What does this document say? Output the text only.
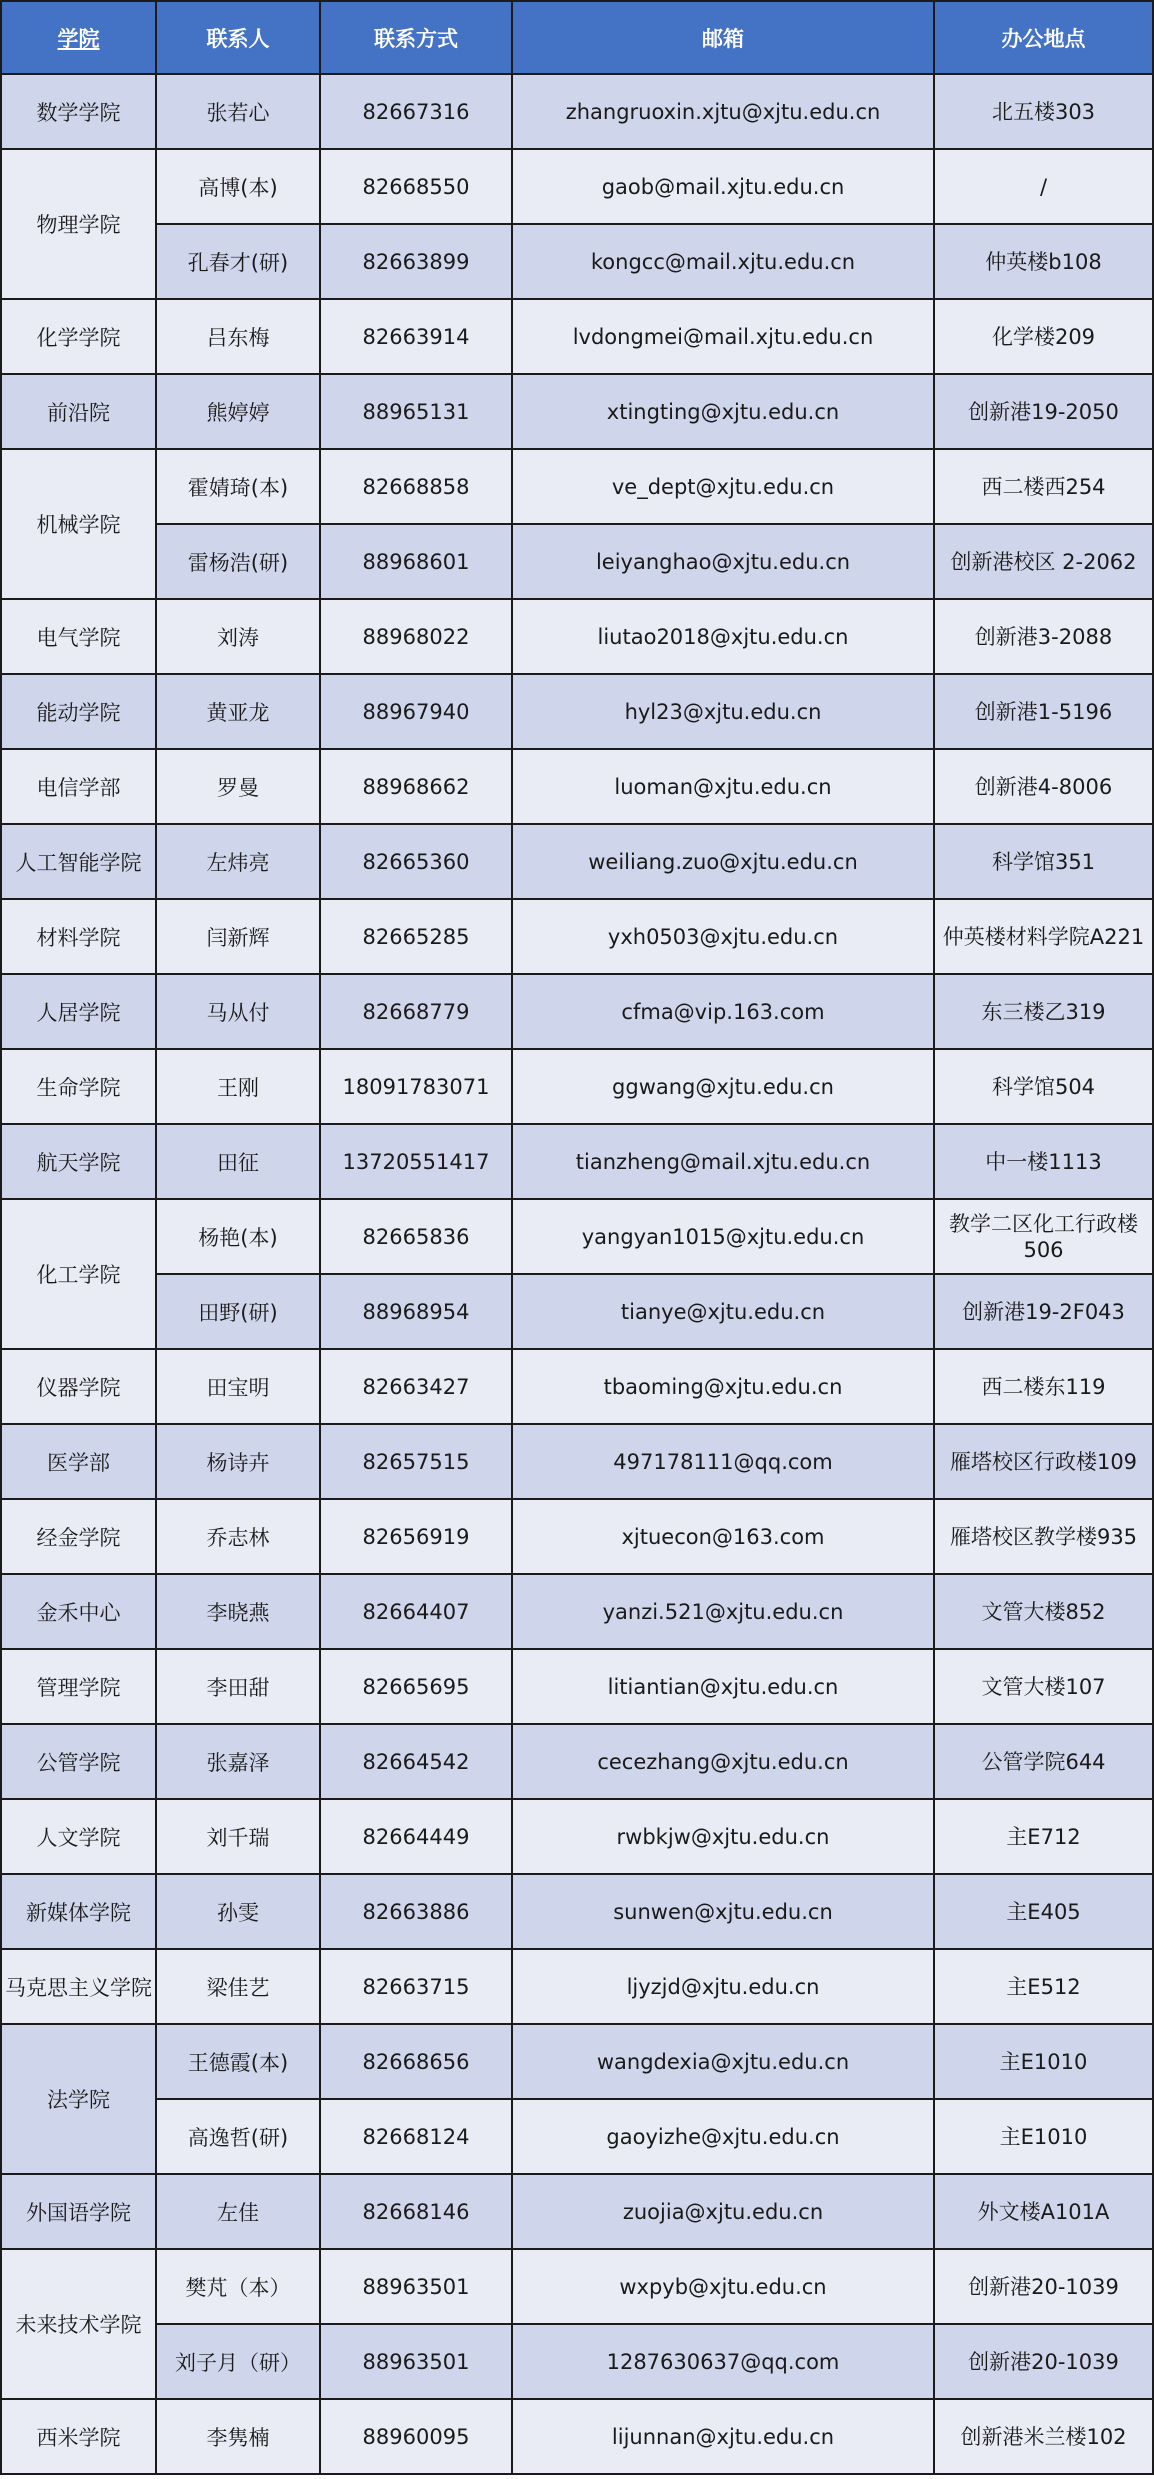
学院	联系人	联系方式	邮箱	办公地点
数学学院	张若心	82667316	zhangruoxin.xjtu@xjtu.edu.cn	北五楼303
物理学院	高博(本)	82668550	gaob@mail.xjtu.edu.cn	/
	孔春才(研)	82663899	kongcc@mail.xjtu.edu.cn	仲英楼b108
化学学院	吕东梅	82663914	lvdongmei@mail.xjtu.edu.cn	化学楼209
前沿院	熊婷婷	88965131	xtingting@xjtu.edu.cn	创新港19-2050
机械学院	霍婧琦(本)	82668858	ve_dept@xjtu.edu.cn	西二楼西254
	雷杨浩(研)	88968601	leiyanghao@xjtu.edu.cn	创新港校区 2-2062
电气学院	刘涛	88968022	liutao2018@xjtu.edu.cn	创新港3-2088
能动学院	黄亚龙	88967940	hyl23@xjtu.edu.cn	创新港1-5196
电信学部	罗曼	88968662	luoman@xjtu.edu.cn	创新港4-8006
人工智能学院	左炜亮	82665360	weiliang.zuo@xjtu.edu.cn	科学馆351
材料学院	闫新辉	82665285	yxh0503@xjtu.edu.cn	仲英楼材料学院A221
人居学院	马从付	82668779	cfma@vip.163.com	东三楼乙319
生命学院	王刚	18091783071	ggwang@xjtu.edu.cn	科学馆504
航天学院	田征	13720551417	tianzheng@mail.xjtu.edu.cn	中一楼1113
化工学院	杨艳(本)	82665836	yangyan1015@xjtu.edu.cn	教学二区化工行政楼506
	田野(研)	88968954	tianye@xjtu.edu.cn	创新港19-2F043
仪器学院	田宝明	82663427	tbaoming@xjtu.edu.cn	西二楼东119
医学部	杨诗卉	82657515	497178111@qq.com	雁塔校区行政楼109
经金学院	乔志林	82656919	xjtuecon@163.com	雁塔校区教学楼935
金禾中心	李晓燕	82664407	yanzi.521@xjtu.edu.cn	文管大楼852
管理学院	李田甜	82665695	litiantian@xjtu.edu.cn	文管大楼107
公管学院	张嘉泽	82664542	cecezhang@xjtu.edu.cn	公管学院644
人文学院	刘千瑞	82664449	rwbkjw@xjtu.edu.cn	主E712
新媒体学院	孙雯	82663886	sunwen@xjtu.edu.cn	主E405
马克思主义学院	梁佳艺	82663715	ljyzjd@xjtu.edu.cn	主E512
法学院	王德霞(本)	82668656	wangdexia@xjtu.edu.cn	主E1010
	高逸哲(研)	82668124	gaoyizhe@xjtu.edu.cn	主E1010
外国语学院	左佳	82668146	zuojia@xjtu.edu.cn	外文楼A101A
未来技术学院	樊芃（本）	88963501	wxpyb@xjtu.edu.cn	创新港20-1039
	刘子月（研）	88963501	1287630637@qq.com	创新港20-1039
西米学院	李隽楠	88960095	lijunnan@xjtu.edu.cn	创新港米兰楼102
